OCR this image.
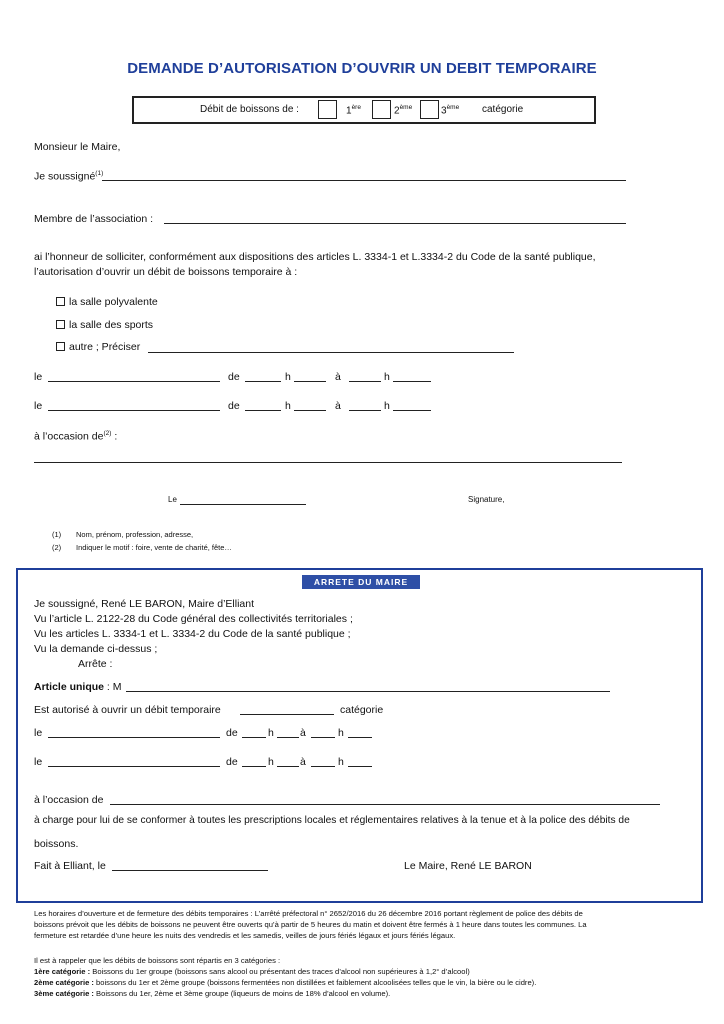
DEMANDE D’AUTORISATION D’OUVRIR UN DEBIT TEMPORAIRE
Débit de boissons de :	1ère	2ème	3ème catégorie
Monsieur le Maire,
Je soussigné$^{(1)}$
Membre de l’association :
ai l’honneur de solliciter, conformément aux dispositions des articles L. 3334-1 et L.3334-2 du Code de la santé publique,
l’autorisation d’ouvrir un débit de boissons temporaire à :
la salle polyvalente
la salle des sports
autre ; Préciser
le	de	h	à	h
le	de	h	à	h
à l’occasion $de^{(2)}$ :
Le	Signature,
(1) Nom, prénom, profession, adresse,
(2) Indiquer le motif : foire, vente de charité, fête…
ARRETE DU MAIRE
Je soussigné, René LE BARON, Maire d’Elliant
Vu l’article L. 2122-28 du Code général des collectivités territoriales ;
Vu les articles L. 3334-1 et L. 3334-2 du Code de la santé publique ;
Vu la demande ci-dessus ;
Arrête :
Article unique : M
Est autorisé à ouvrir un débit temporaire	catégorie
le	de	h à	h
le	de	h à	h
à l’occasion de
à charge pour lui de se conformer à toutes les prescriptions locales et réglementaires relatives à la tenue et à la police des débits de
boissons.
Fait à Elliant, le	Le Maire, René LE BARON
Les horaires d’ouverture et de fermeture des débits temporaires : L’arrêté préfectoral n° 2652/2016 du 26 décembre 2016 portant règlement de police des débits de
boissons prévoit que les débits de boissons ne peuvent être ouverts qu’à partir de 5 heures du matin et doivent être fermés à 1 heure dans toutes les communes. La
fermeture est retardée d’une heure les nuits des vendredis et les samedis, veilles de jours fériés légaux et jours fériés légaux.
Il est à rappeler que les débits de boissons sont répartis en 3 catégories :
1ère catégorie : Boissons du 1er groupe (boissons sans alcool ou présentant des traces d’alcool non supérieures à 1,2° d’alcool)
2ème catégorie : boissons du 1er et 2ème groupe (boissons fermentées non distillées et faiblement alcoolisées telles que le vin, la bière ou le cidre).
3ème catégorie : Boissons du 1er, 2ème et 3ème groupe (liqueurs de moins de 18% d’alcool en volume).
